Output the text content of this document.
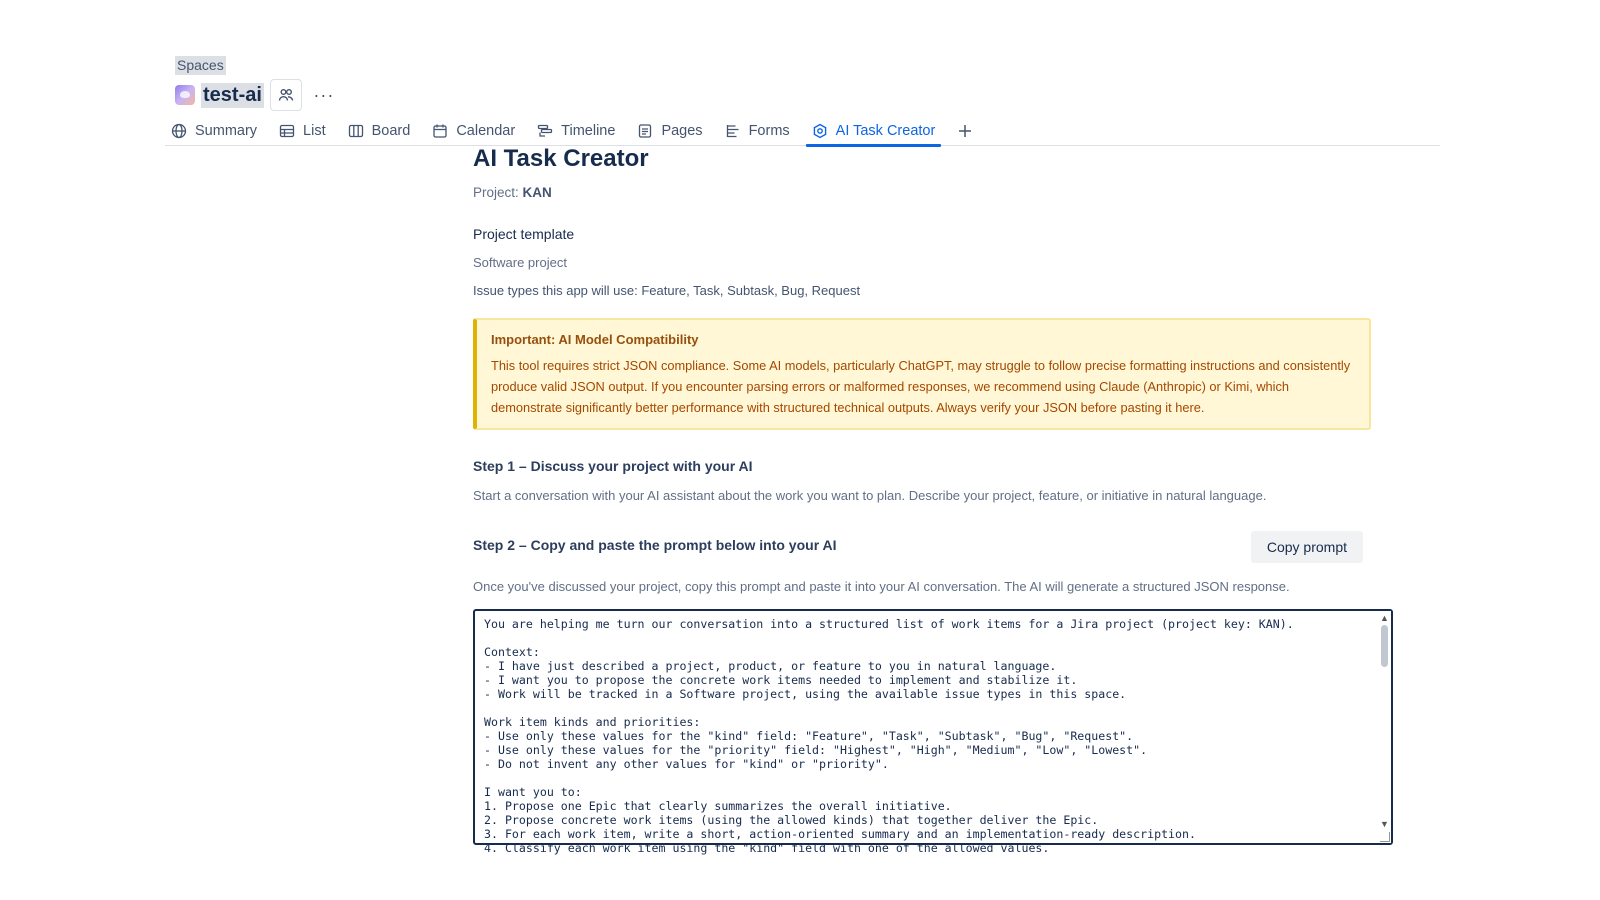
Spaces
test-ai	···
Summary	List	Board	Calendar	Timeline	Pages	Forms	AI Task Creator
AI Task Creator
Project: KAN
Project template
Software project
Issue types this app will use: Feature, Task, Subtask, Bug, Request
Important: AI Model Compatibility
This tool requires strict JSON compliance. Some AI models, particularly ChatGPT, may struggle to follow precise formatting instructions and consistently produce valid JSON output. If you encounter parsing errors or malformed responses, we recommend using Claude (Anthropic) or Kimi, which demonstrate significantly better performance with structured technical outputs. Always verify your JSON before pasting it here.
Step 1 – Discuss your project with your AI
Start a conversation with your AI assistant about the work you want to plan. Describe your project, feature, or initiative in natural language.
Step 2 – Copy and paste the prompt below into your AI	Copy prompt
Once you've discussed your project, copy this prompt and paste it into your AI conversation. The AI will generate a structured JSON response.
You are helping me turn our conversation into a structured list of work items for a Jira project (project key: KAN).

Context:
- I have just described a project, product, or feature to you in natural language.
- I want you to propose the concrete work items needed to implement and stabilize it.
- Work will be tracked in a Software project, using the available issue types in this space.

Work item kinds and priorities:
- Use only these values for the "kind" field: "Feature", "Task", "Subtask", "Bug", "Request".
- Use only these values for the "priority" field: "Highest", "High", "Medium", "Low", "Lowest".
- Do not invent any other values for "kind" or "priority".

I want you to:
1. Propose one Epic that clearly summarizes the overall initiative.
2. Propose concrete work items (using the allowed kinds) that together deliver the Epic.
3. For each work item, write a short, action-oriented summary and an implementation-ready description.
4. Classify each work item using the "kind" field with one of the allowed values.
▲
▼
